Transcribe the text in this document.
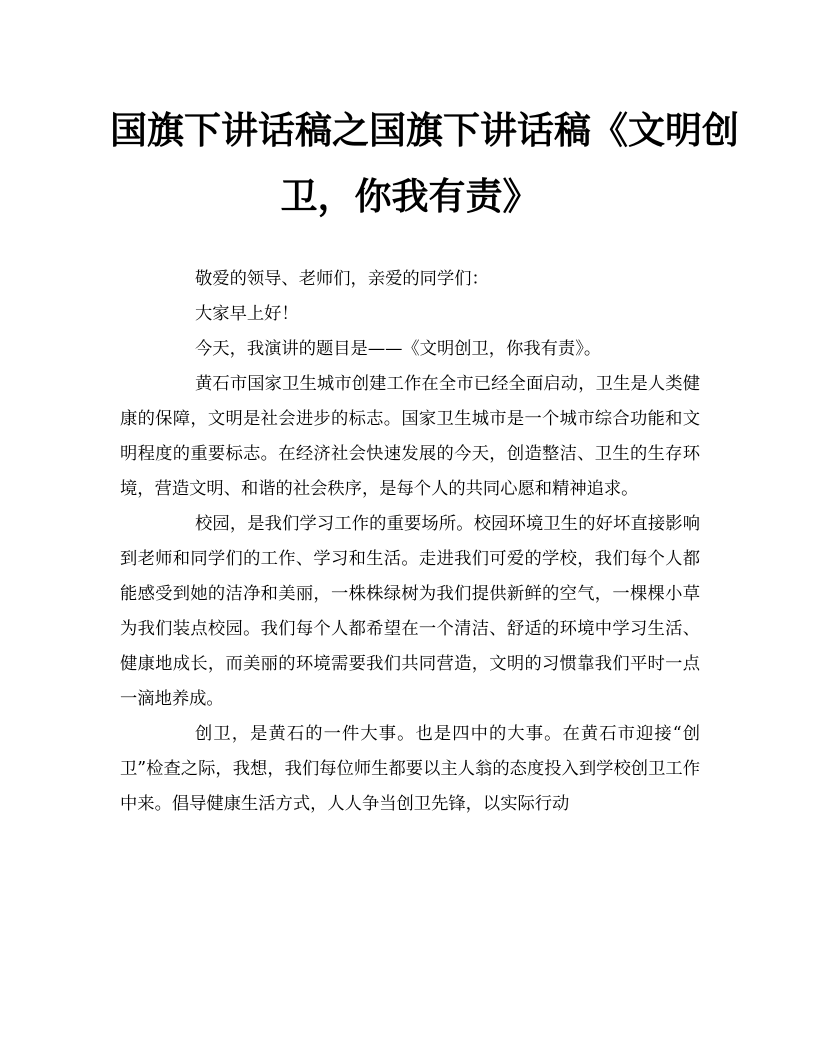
国旗下讲话稿之国旗下讲话稿《文明创
卫，你我有责》

敬爱的领导、老师们，亲爱的同学们：

大家早上好！

今天，我演讲的题目是——《文明创卫，你我有责》。

黄石市国家卫生城市创建工作在全市已经全面启动，卫生是人类健康的保障，文明是社会进步的标志。国家卫生城市是一个城市综合功能和文明程度的重要标志。在经济社会快速发展的今天，创造整洁、卫生的生存环境，营造文明、和谐的社会秩序，是每个人的共同心愿和精神追求。

校园，是我们学习工作的重要场所。校园环境卫生的好坏直接影响到老师和同学们的工作、学习和生活。走进我们可爱的学校，我们每个人都能感受到她的洁净和美丽，一株株绿树为我们提供新鲜的空气，一棵棵小草为我们装点校园。我们每个人都希望在一个清洁、舒适的环境中学习生活、健康地成长，而美丽的环境需要我们共同营造，文明的习惯靠我们平时一点一滴地养成。

创卫，是黄石的一件大事。也是四中的大事。在黄石市迎接“创卫”检查之际，我想，我们每位师生都要以主人翁的态度投入到学校创卫工作中来。倡导健康生活方式，人人争当创卫先锋，以实际行动
